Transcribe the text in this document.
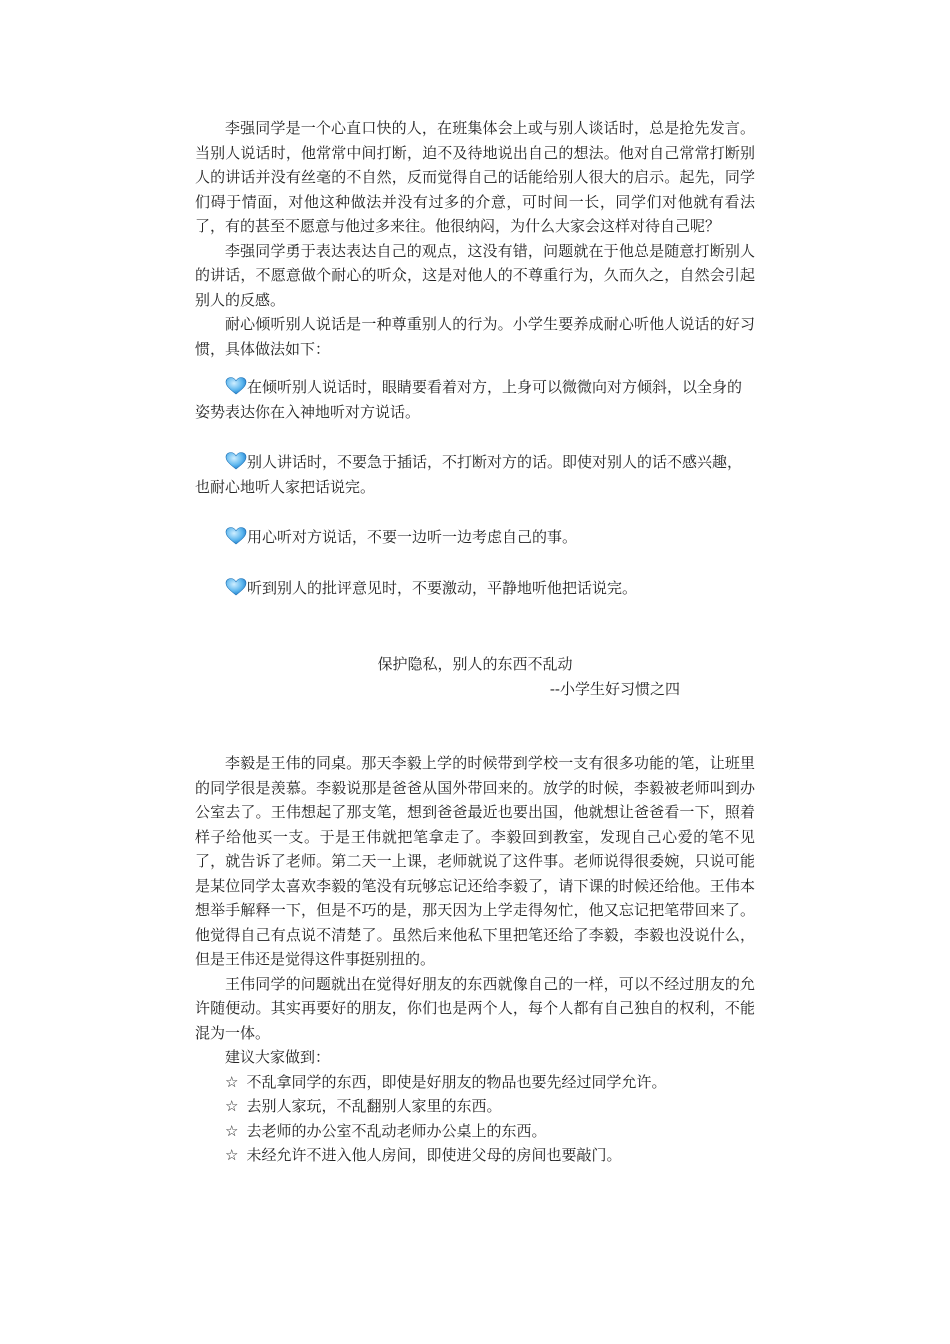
李强同学是一个心直口快的人，在班集体会上或与别人谈话时，总是抢先发言。当别人说话时，他常常中间打断，迫不及待地说出自己的想法。他对自己常常打断别人的讲话并没有丝毫的不自然，反而觉得自己的话能给别人很大的启示。起先，同学们碍于情面，对他这种做法并没有过多的介意，可时间一长，同学们对他就有看法了，有的甚至不愿意与他过多来往。他很纳闷，为什么大家会这样对待自己呢？

李强同学勇于表达表达自己的观点，这没有错，问题就在于他总是随意打断别人的讲话，不愿意做个耐心的听众，这是对他人的不尊重行为，久而久之，自然会引起别人的反感。

耐心倾听别人说话是一种尊重别人的行为。小学生要养成耐心听他人说话的好习惯，具体做法如下：

在倾听别人说话时，眼睛要看着对方，上身可以微微向对方倾斜，以全身的姿势表达你在入神地听对方说话。

别人讲话时，不要急于插话，不打断对方的话。即使对别人的话不感兴趣，也耐心地听人家把话说完。

用心听对方说话，不要一边听一边考虑自己的事。

听到别人的批评意见时，不要激动，平静地听他把话说完。

保护隐私，别人的东西不乱动
--小学生好习惯之四

李毅是王伟的同桌。那天李毅上学的时候带到学校一支有很多功能的笔，让班里的同学很是羡慕。李毅说那是爸爸从国外带回来的。放学的时候，李毅被老师叫到办公室去了。王伟想起了那支笔，想到爸爸最近也要出国，他就想让爸爸看一下，照着样子给他买一支。于是王伟就把笔拿走了。李毅回到教室，发现自己心爱的笔不见了，就告诉了老师。第二天一上课，老师就说了这件事。老师说得很委婉，只说可能是某位同学太喜欢李毅的笔没有玩够忘记还给李毅了，请下课的时候还给他。王伟本想举手解释一下，但是不巧的是，那天因为上学走得匆忙，他又忘记把笔带回来了。他觉得自己有点说不清楚了。虽然后来他私下里把笔还给了李毅，李毅也没说什么，但是王伟还是觉得这件事挺别扭的。

王伟同学的问题就出在觉得好朋友的东西就像自己的一样，可以不经过朋友的允许随便动。其实再要好的朋友，你们也是两个人，每个人都有自己独自的权利，不能混为一体。

建议大家做到：

☆ 不乱拿同学的东西，即使是好朋友的物品也要先经过同学允许。

☆ 去别人家玩，不乱翻别人家里的东西。

☆ 去老师的办公室不乱动老师办公桌上的东西。

☆ 未经允许不进入他人房间，即使进父母的房间也要敲门。
